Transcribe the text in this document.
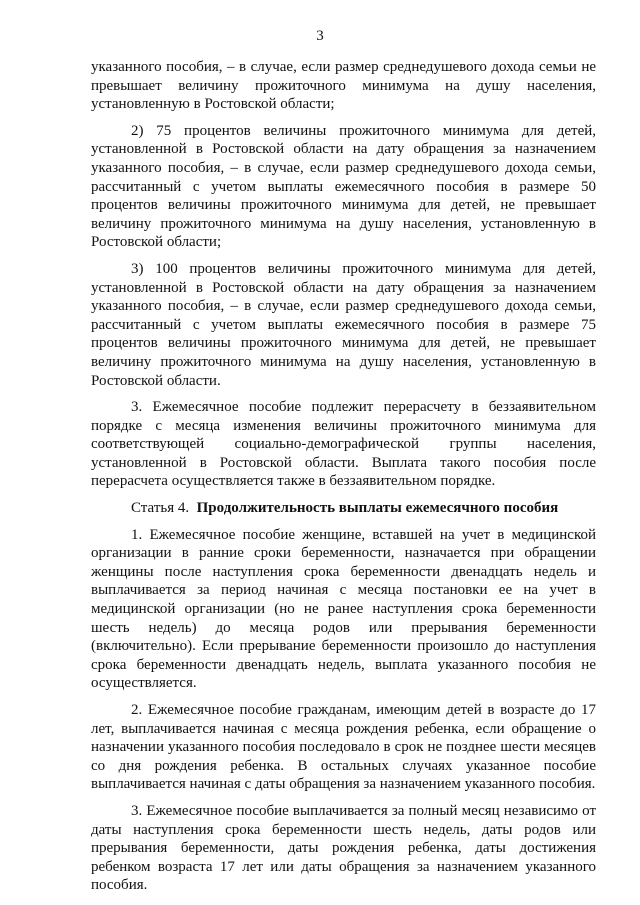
3

указанного пособия, – в случае, если размер среднедушевого дохода семьи не превышает величину прожиточного минимума на душу населения, установленную в Ростовской области;

2) 75 процентов величины прожиточного минимума для детей, установленной в Ростовской области на дату обращения за назначением указанного пособия, – в случае, если размер среднедушевого дохода семьи, рассчитанный с учетом выплаты ежемесячного пособия в размере 50 процентов величины прожиточного минимума для детей, не превышает величину прожиточного минимума на душу населения, установленную в Ростовской области;

3) 100 процентов величины прожиточного минимума для детей, установленной в Ростовской области на дату обращения за назначением указанного пособия, – в случае, если размер среднедушевого дохода семьи, рассчитанный с учетом выплаты ежемесячного пособия в размере 75 процентов величины прожиточного минимума для детей, не превышает величину прожиточного минимума на душу населения, установленную в Ростовской области.

3. Ежемесячное пособие подлежит перерасчету в беззаявительном порядке с месяца изменения величины прожиточного минимума для соответствующей социально-демографической группы населения, установленной в Ростовской области. Выплата такого пособия после перерасчета осуществляется также в беззаявительном порядке.

Статья 4. Продолжительность выплаты ежемесячного пособия

1. Ежемесячное пособие женщине, вставшей на учет в медицинской организации в ранние сроки беременности, назначается при обращении женщины после наступления срока беременности двенадцать недель и выплачивается за период начиная с месяца постановки ее на учет в медицинской организации (но не ранее наступления срока беременности шесть недель) до месяца родов или прерывания беременности (включительно). Если прерывание беременности произошло до наступления срока беременности двенадцать недель, выплата указанного пособия не осуществляется.

2. Ежемесячное пособие гражданам, имеющим детей в возрасте до 17 лет, выплачивается начиная с месяца рождения ребенка, если обращение о назначении указанного пособия последовало в срок не позднее шести месяцев со дня рождения ребенка. В остальных случаях указанное пособие выплачивается начиная с даты обращения за назначением указанного пособия.

3. Ежемесячное пособие выплачивается за полный месяц независимо от даты наступления срока беременности шесть недель, даты родов или прерывания беременности, даты рождения ребенка, даты достижения ребенком возраста 17 лет или даты обращения за назначением указанного пособия.
